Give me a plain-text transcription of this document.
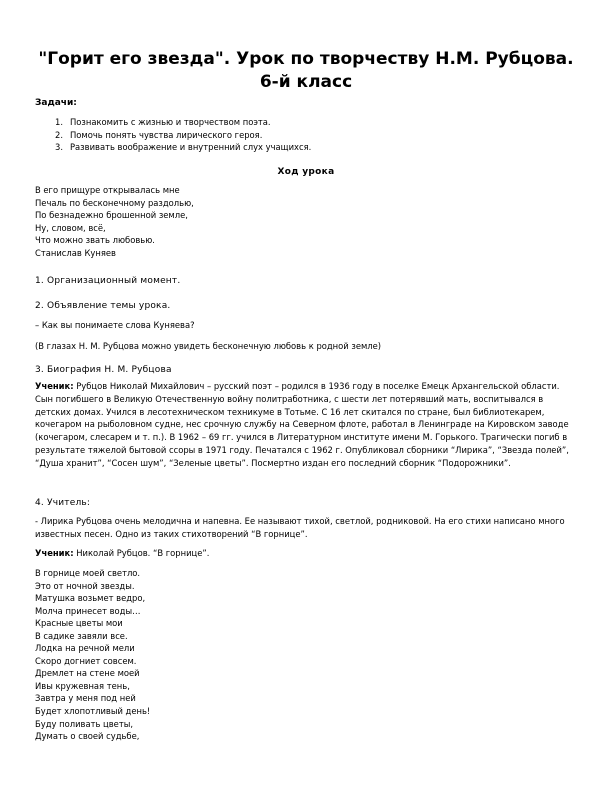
"Горит его звезда". Урок по творчеству Н.М. Рубцова.
6-й класс
Задачи:
1. Познакомить с жизнью и творчеством поэта.
2. Помочь понять чувства лирического героя.
3. Развивать воображение и внутренний слух учащихся.
Ход урока
В его прищуре открывалась мне
Печаль по бесконечному раздолью,
По безнадежно брошенной земле,
Ну, словом, всё,
Что можно звать любовью.
Станислав Куняев
1. Организационный момент.
2. Объявление темы урока.
– Как вы понимаете слова Куняева?
(В глазах Н. М. Рубцова можно увидеть бесконечную любовь к родной земле)
3. Биография Н. М. Рубцова
Ученик: Рубцов Николай Михайлович – русский поэт – родился в 1936 году в поселке Емецк Архангельской области. Сын погибшего в Великую Отечественную войну политработника, с шести лет потерявший мать, воспитывался в детских домах. Учился в лесотехническом техникуме в Тотьме. С 16 лет скитался по стране, был библиотекарем, кочегаром на рыболовном судне, нес срочную службу на Северном флоте, работал в Ленинграде на Кировском заводе (кочегаром, слесарем и т. п.). В 1962 – 69 гг. учился в Литературном институте имени М. Горького. Трагически погиб в результате тяжелой бытовой ссоры в 1971 году. Печатался с 1962 г. Опубликовал сборники “Лирика”, “Звезда полей”, “Душа хранит”, “Сосен шум”, “Зеленые цветы”. Посмертно издан его последний сборник “Подорожники”.
4. Учитель:
- Лирика Рубцова очень мелодична и напевна. Ее называют тихой, светлой, родниковой. На его стихи написано много известных песен. Одно из таких стихотворений “В горнице”.
Ученик: Николай Рубцов. “В горнице”.
В горнице моей светло.
Это от ночной звезды.
Матушка возьмет ведро,
Молча принесет воды…
Красные цветы мои
В садике завяли все.
Лодка на речной мели
Скоро догниет совсем.
Дремлет на стене моей
Ивы кружевная тень,
Завтра у меня под ней
Будет хлопотливый день!
Буду поливать цветы,
Думать о своей судьбе,
